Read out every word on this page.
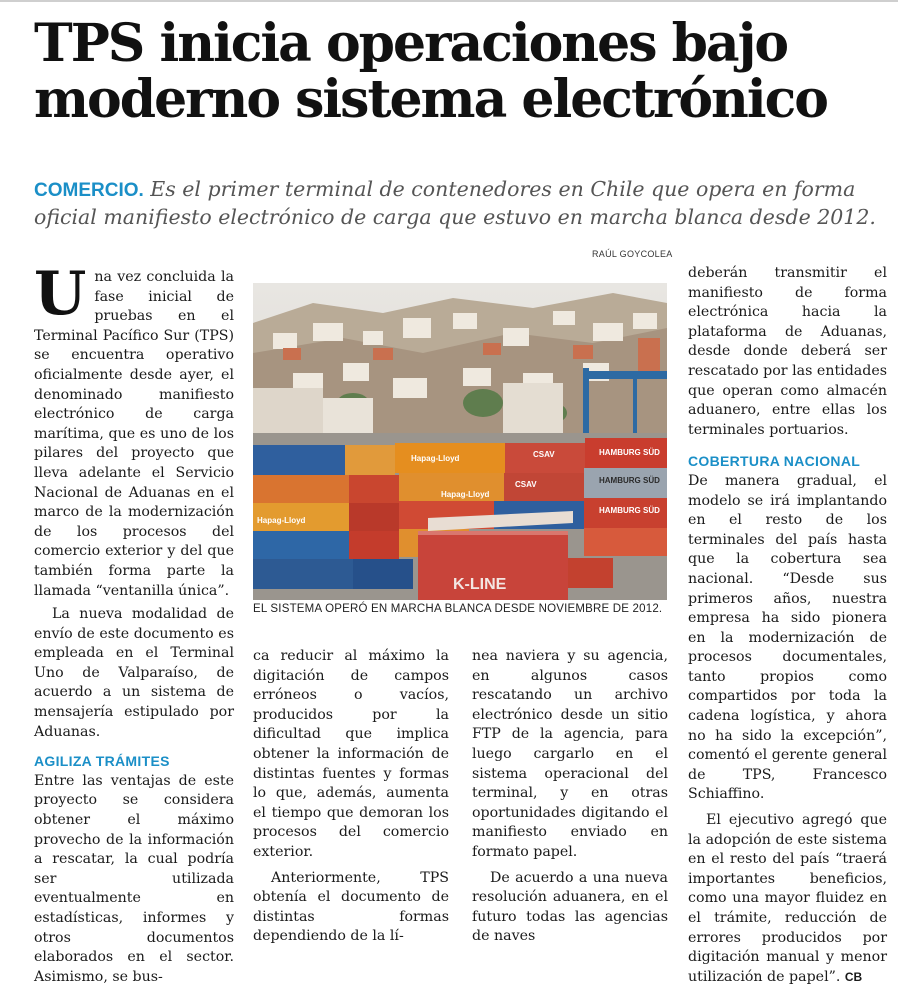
TPS inicia operaciones bajo
moderno sistema electrónico
COMERCIO. Es el primer terminal de contenedores en Chile que opera en forma oficial manifiesto electrónico de carga que estuvo en marcha blanca desde 2012.
RAÚL GOYCOLEA

Una vez concluida la fase inicial de pruebas en el Terminal Pacífico Sur (TPS) se encuentra operativo oficialmente desde ayer, el denominado manifiesto electrónico de carga marítima, que es uno de los pilares del proyecto que lleva adelante el Servicio Nacional de Aduanas en el marco de la modernización de los procesos del comercio exterior y del que también forma parte la llamada “ventanilla única”.

La nueva modalidad de envío de este documento es empleada en el Terminal Uno de Valparaíso, de acuerdo a un sistema de mensajería estipulado por Aduanas.

AGILIZA TRÁMITES

Entre las ventajas de este proyecto se considera obtener el máximo provecho de la información a rescatar, la cual podría ser utilizada eventualmente en estadísticas, informes y otros documentos elaborados en el sector. Asimismo, se bus-

HAMBURG SÜD
Hapag-Lloyd
Hapag-Lloyd
Hapag-Lloyd
K-LINE
CSAV
HAMBURG SÜD
HAMBURG SÜD
CSAV
EL SISTEMA OPERÓ EN MARCHA BLANCA DESDE NOVIEMBRE DE 2012.

ca reducir al máximo la digitación de campos erróneos o vacíos, producidos por la dificultad que implica obtener la información de distintas fuentes y formas lo que, además, aumenta el tiempo que demoran los procesos del comercio exterior.

Anteriormente, TPS obtenía el documento de distintas formas dependiendo de la lí-

nea naviera y su agencia, en algunos casos rescatando un archivo electrónico desde un sitio FTP de la agencia, para luego cargarlo en el sistema operacional del terminal, y en otras oportunidades digitando el manifiesto enviado en formato papel.

De acuerdo a una nueva resolución aduanera, en el futuro todas las agencias de naves

deberán transmitir el manifiesto de forma electrónica hacia la plataforma de Aduanas, desde donde deberá ser rescatado por las entidades que operan como almacén aduanero, entre ellas los terminales portuarios.

COBERTURA NACIONAL

De manera gradual, el modelo se irá implantando en el resto de los terminales del país hasta que la cobertura sea nacional. “Desde sus primeros años, nuestra empresa ha sido pionera en la modernización de procesos documentales, tanto propios como compartidos por toda la cadena logística, y ahora no ha sido la excepción”, comentó el gerente general de TPS, Francesco Schiaffino.

El ejecutivo agregó que la adopción de este sistema en el resto del país “traerá importantes beneficios, como una mayor fluidez en el trámite, reducción de errores producidos por digitación manual y menor utilización de papel”. CB
